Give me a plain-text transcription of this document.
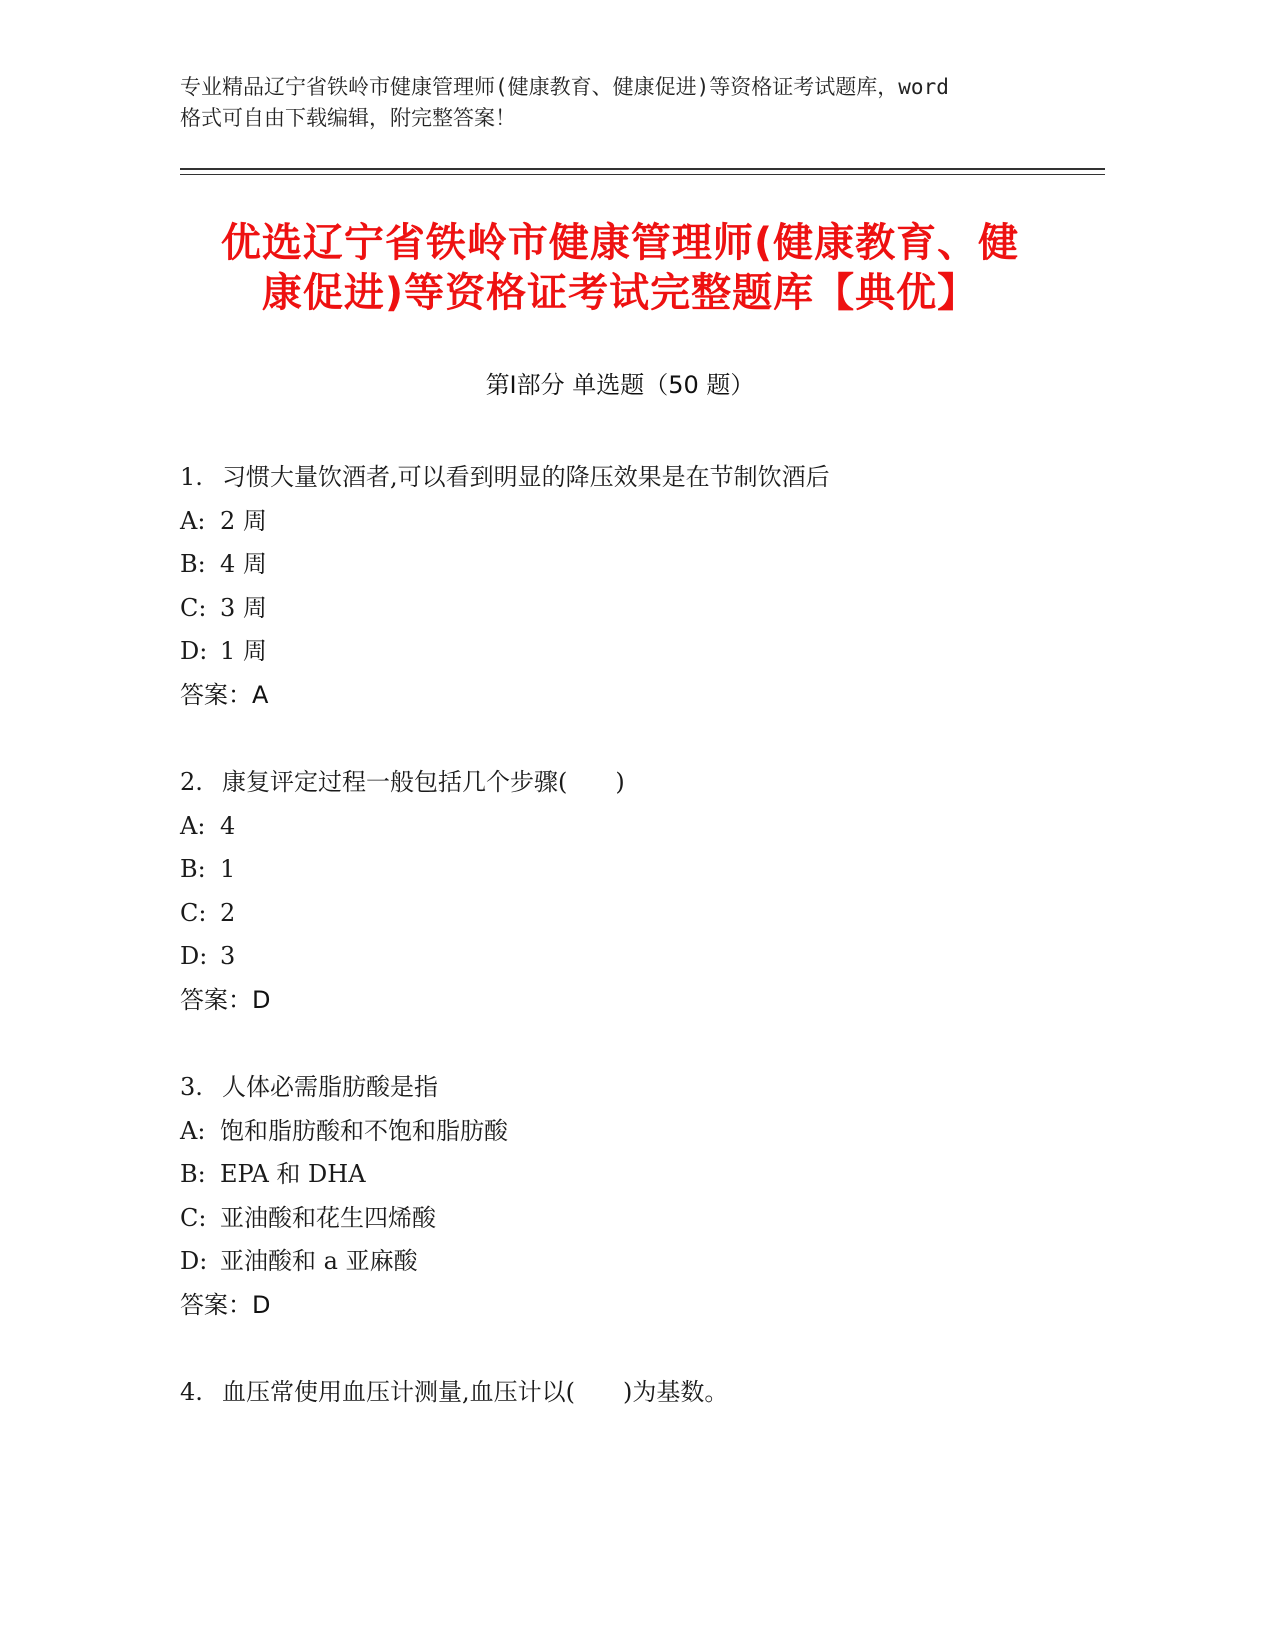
专业精品辽宁省铁岭市健康管理师(健康教育、健康促进)等资格证考试题库，word
格式可自由下载编辑，附完整答案！
优选辽宁省铁岭市健康管理师(健康教育、健
康促进)等资格证考试完整题库【典优】
第Ⅰ部分 单选题（50 题）
1. 习惯大量饮酒者,可以看到明显的降压效果是在节制饮酒后
A: 2 周
B: 4 周
C: 3 周
D: 1 周
答案：A
2. 康复评定过程一般包括几个步骤(　　)
A: 4
B: 1
C: 2
D: 3
答案：D
3. 人体必需脂肪酸是指
A: 饱和脂肪酸和不饱和脂肪酸
B: EPA 和 DHA
C: 亚油酸和花生四烯酸
D: 亚油酸和 a 亚麻酸
答案：D
4. 血压常使用血压计测量,血压计以(　　)为基数。
